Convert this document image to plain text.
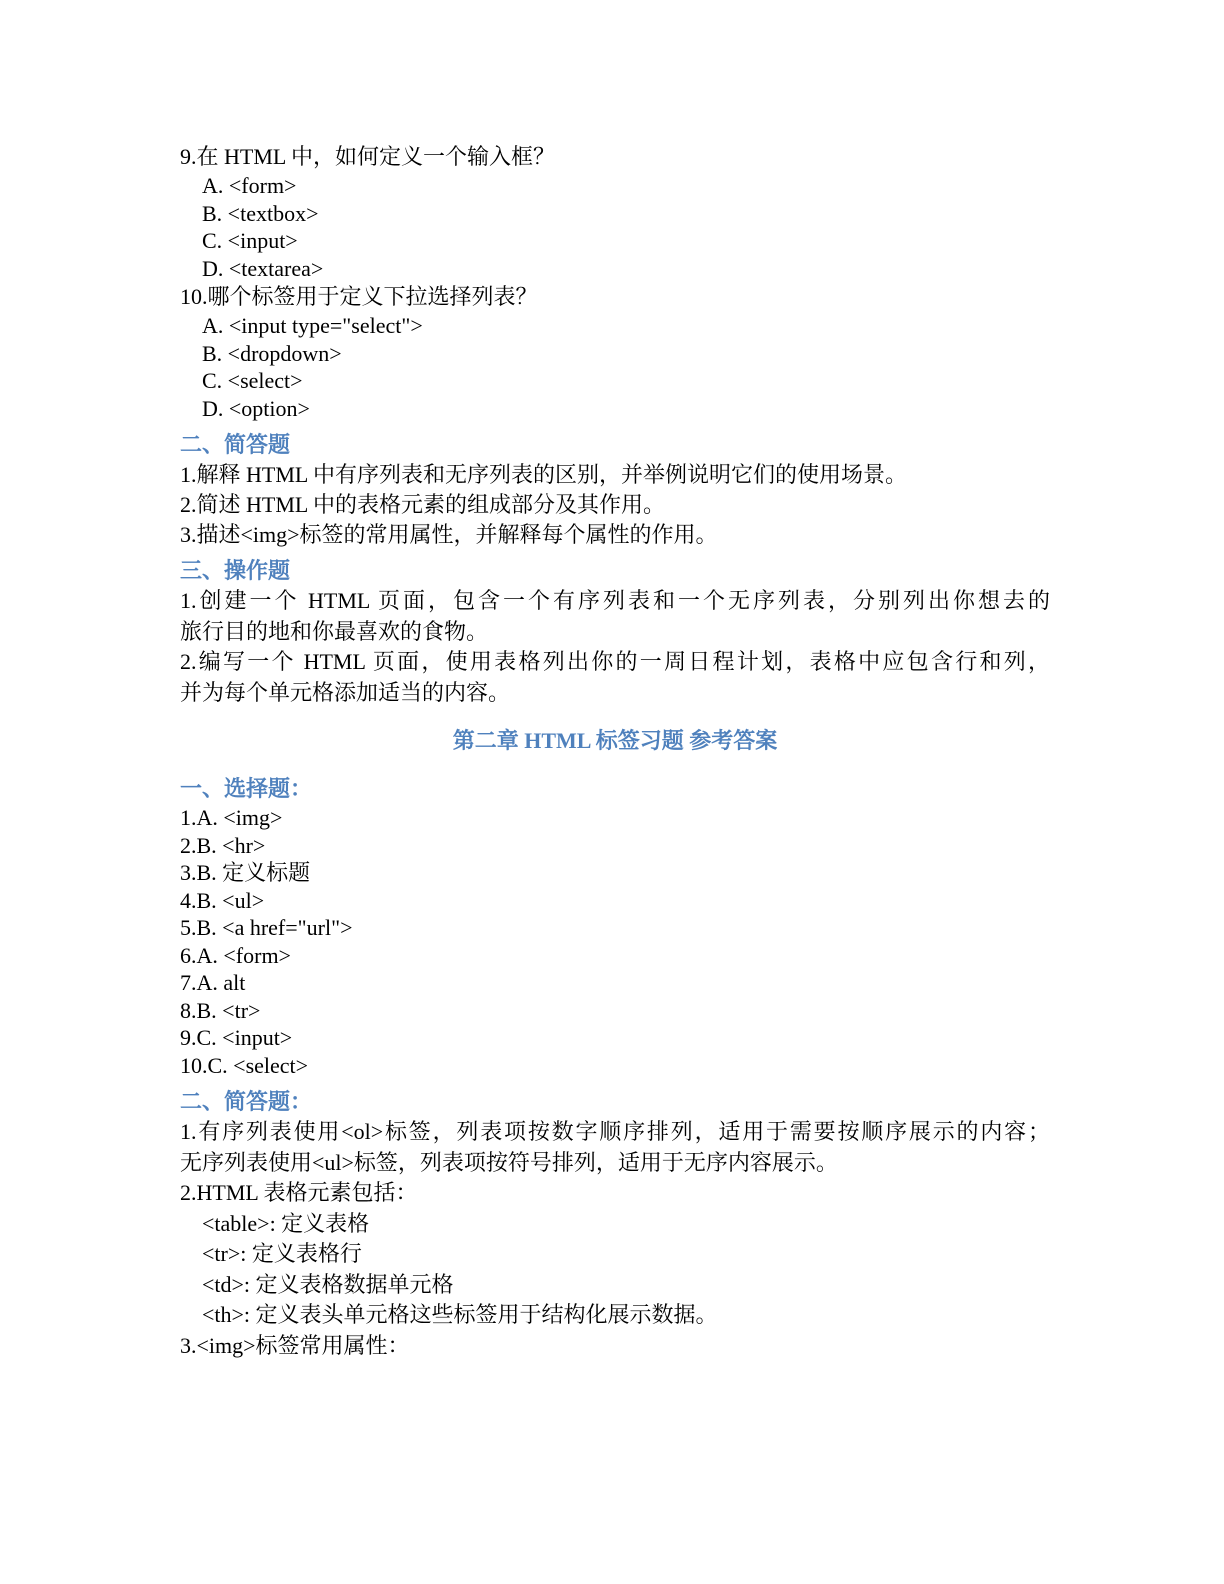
9.在 HTML 中，如何定义一个输入框？
A. <form>
B. <textbox>
C. <input>
D. <textarea>
10.哪个标签用于定义下拉选择列表？
A. <input type="select">
B. <dropdown>
C. <select>
D. <option>
二、简答题
1.解释 HTML 中有序列表和无序列表的区别，并举例说明它们的使用场景。
2.简述 HTML 中的表格元素的组成部分及其作用。
3.描述<img>标签的常用属性，并解释每个属性的作用。
三、操作题
1.创建一个 HTML 页面，包含一个有序列表和一个无序列表，分别列出你想去的
旅行目的地和你最喜欢的食物。
2.编写一个 HTML 页面，使用表格列出你的一周日程计划，表格中应包含行和列，
并为每个单元格添加适当的内容。
第二章 HTML 标签习题 参考答案
一、选择题：
1.A. <img>
2.B. <hr>
3.B. 定义标题
4.B. <ul>
5.B. <a href="url">
6.A. <form>
7.A. alt
8.B. <tr>
9.C. <input>
10.C. <select>
二、简答题：
1.有序列表使用<ol>标签，列表项按数字顺序排列，适用于需要按顺序展示的内容；
无序列表使用<ul>标签，列表项按符号排列，适用于无序内容展示。
2.HTML 表格元素包括：
<table>: 定义表格
<tr>: 定义表格行
<td>: 定义表格数据单元格
<th>: 定义表头单元格这些标签用于结构化展示数据。
3.<img>标签常用属性：
